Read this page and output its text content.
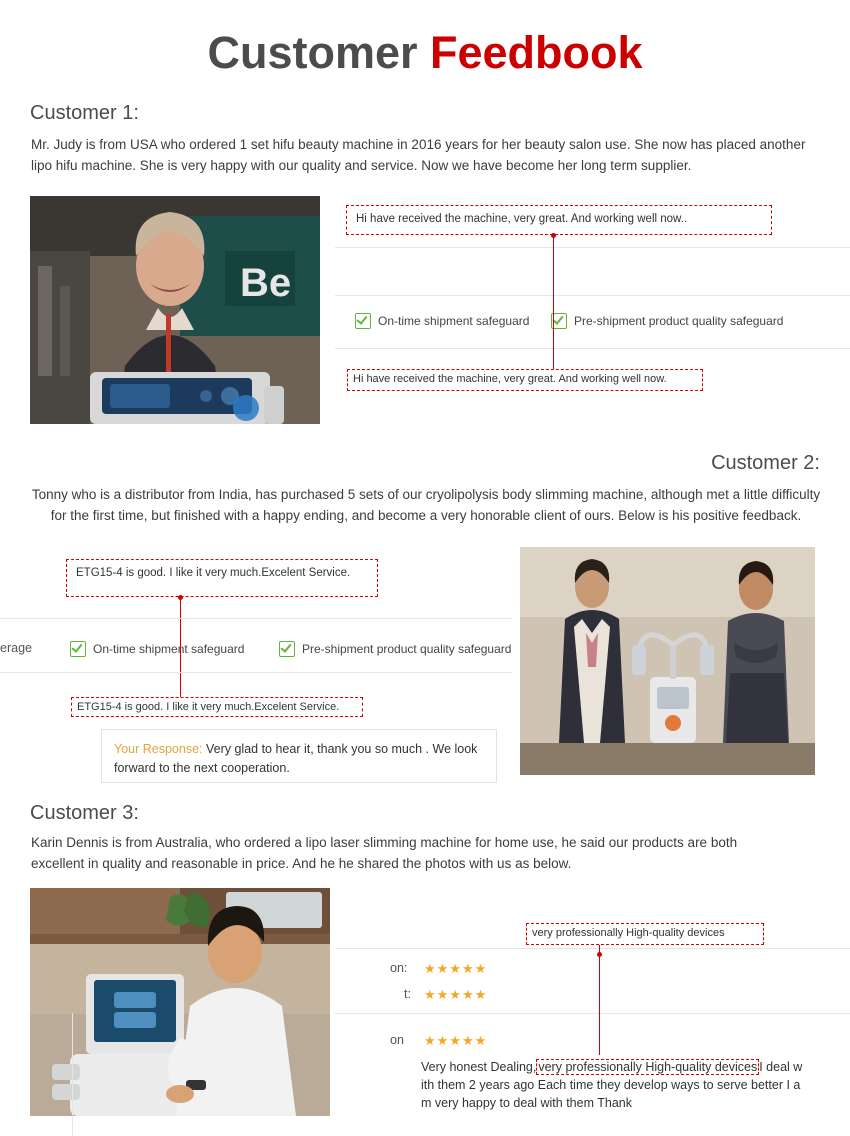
Customer Feedbook
Customer 1:
Mr. Judy is from USA who ordered 1 set hifu beauty machine in 2016 years for her beauty salon use. She now has placed another lipo hifu machine. She is very happy with our quality and service. Now we have become her long term supplier.
Be
On-time shipment safeguard	Pre-shipment product quality safeguard
Hi have received the machine, very great. And working well now..
Hi have received the machine, very great. And working well now.
Customer 2:
Tonny who is a distributor from India, has purchased 5 sets of our cryolipolysis body slimming machine, although met a little difficulty for the first time, but finished with a happy ending, and become a very honorable client of ours. Below is his positive feedback.
ETG15-4 is good. I like it very much.Excelent Service.
erage	On-time shipment safeguard	Pre-shipment product quality safeguard
ETG15-4 is good. I like it very much.Excelent Service.
Your Response: Very glad to hear it, thank you so much . We look forward to the next cooperation.
Customer 3:
Karin Dennis is from Australia, who ordered a lipo laser slimming machine for home use, he said our products are both excellent in quality and reasonable in price. And he he shared the photos with us as below.
on: ★★★★★
t: ★★★★★
on ★★★★★
very professionally High-quality devices
Very honest Dealing, very professionally High-quality devices I deal w
ith them 2 years ago Each time they develop ways to serve better I a
m very happy to deal with them Thank
